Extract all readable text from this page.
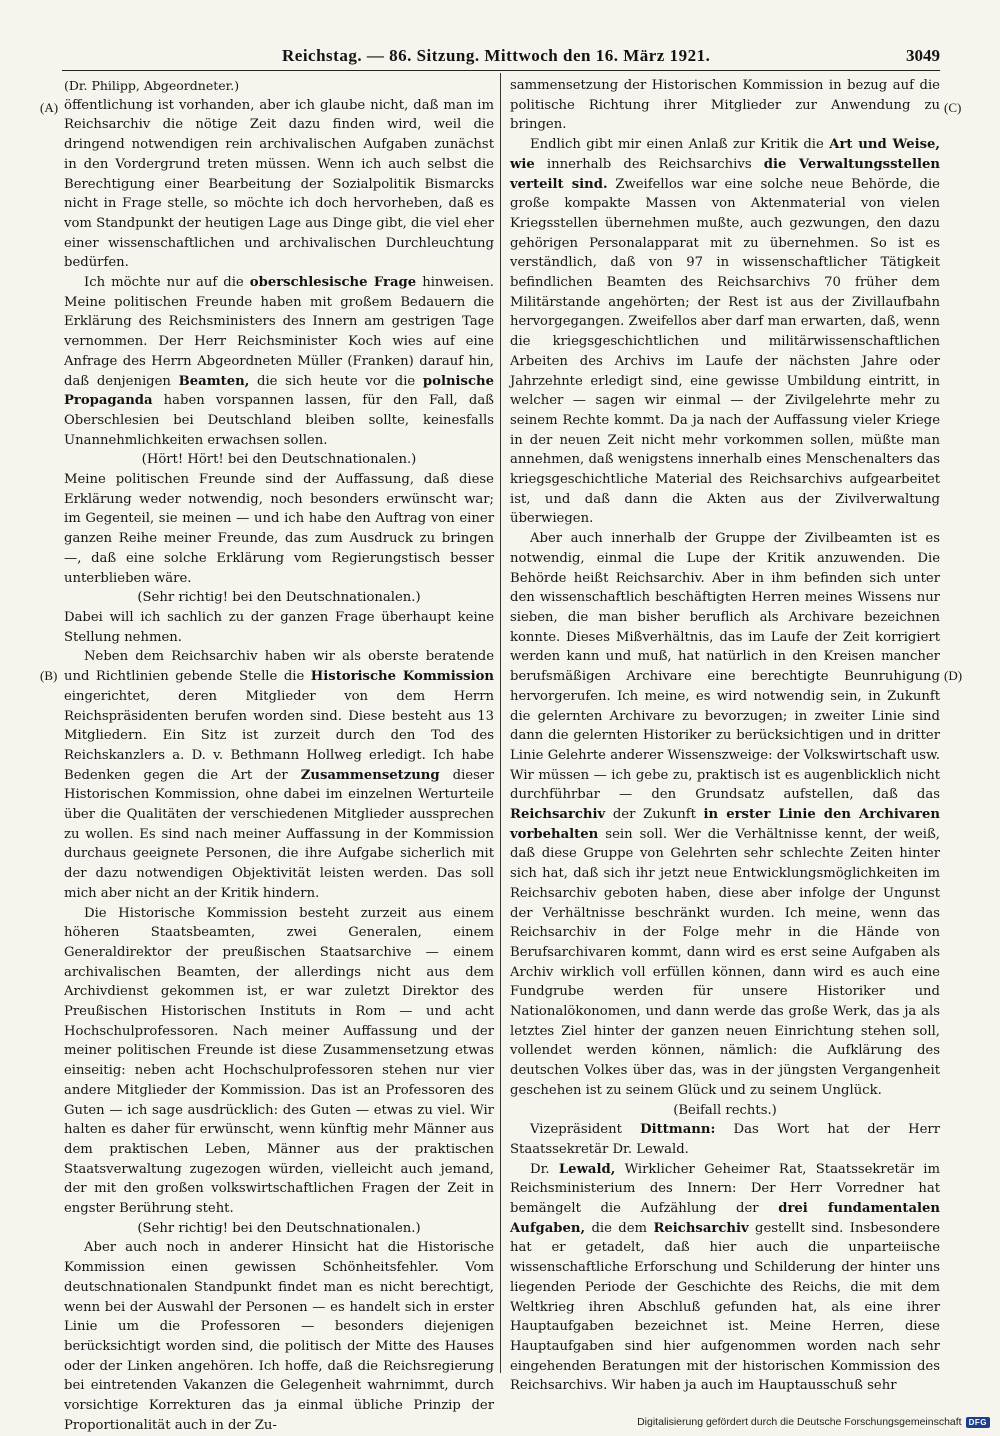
Reichstag. — 86. Sitzung. Mittwoch den 16. März 1921.	3049
(A)
(B)
(C)
(D)

(Dr. Philipp, Abgeordneter.)

öffentlichung ist vorhanden, aber ich glaube nicht, daß man im Reichsarchiv die nötige Zeit dazu finden wird, weil die dringend notwendigen rein archivalischen Aufgaben zunächst in den Vordergrund treten müssen. Wenn ich auch selbst die Berechtigung einer Bearbeitung der Sozialpolitik Bismarcks nicht in Frage stelle, so möchte ich doch hervorheben, daß es vom Standpunkt der heutigen Lage aus Dinge gibt, die viel eher einer wissenschaftlichen und archivalischen Durchleuchtung bedürfen.

Ich möchte nur auf die oberschlesische Frage hinweisen. Meine politischen Freunde haben mit großem Bedauern die Erklärung des Reichsministers des Innern am gestrigen Tage vernommen. Der Herr Reichsminister Koch wies auf eine Anfrage des Herrn Abgeordneten Müller (Franken) darauf hin, daß denjenigen Beamten, die sich heute vor die polnische Propaganda haben vorspannen lassen, für den Fall, daß Oberschlesien bei Deutschland bleiben sollte, keinesfalls Unannehmlichkeiten erwachsen sollen.

(Hört! Hört! bei den Deutschnationalen.)

Meine politischen Freunde sind der Auffassung, daß diese Erklärung weder notwendig, noch besonders erwünscht war; im Gegenteil, sie meinen — und ich habe den Auftrag von einer ganzen Reihe meiner Freunde, das zum Ausdruck zu bringen —, daß eine solche Erklärung vom Regierungstisch besser unterblieben wäre.

(Sehr richtig! bei den Deutschnationalen.)

Dabei will ich sachlich zu der ganzen Frage überhaupt keine Stellung nehmen.

Neben dem Reichsarchiv haben wir als oberste beratende und Richtlinien gebende Stelle die Historische Kommission eingerichtet, deren Mitglieder von dem Herrn Reichspräsidenten berufen worden sind. Diese besteht aus 13 Mitgliedern. Ein Sitz ist zurzeit durch den Tod des Reichskanzlers a. D. v. Bethmann Hollweg erledigt. Ich habe Bedenken gegen die Art der Zusammensetzung dieser Historischen Kommission, ohne dabei im einzelnen Werturteile über die Qualitäten der verschiedenen Mitglieder aussprechen zu wollen. Es sind nach meiner Auffassung in der Kommission durchaus geeignete Personen, die ihre Aufgabe sicherlich mit der dazu notwendigen Objektivität leisten werden. Das soll mich aber nicht an der Kritik hindern.

Die Historische Kommission besteht zurzeit aus einem höheren Staatsbeamten, zwei Generalen, einem Generaldirektor der preußischen Staatsarchive — einem archivalischen Beamten, der allerdings nicht aus dem Archivdienst gekommen ist, er war zuletzt Direktor des Preußischen Historischen Instituts in Rom — und acht Hochschulprofessoren. Nach meiner Auffassung und der meiner politischen Freunde ist diese Zusammensetzung etwas einseitig: neben acht Hochschulprofessoren stehen nur vier andere Mitglieder der Kommission. Das ist an Professoren des Guten — ich sage ausdrücklich: des Guten — etwas zu viel. Wir halten es daher für erwünscht, wenn künftig mehr Männer aus dem praktischen Leben, Männer aus der praktischen Staatsverwaltung zugezogen würden, vielleicht auch jemand, der mit den großen volkswirtschaftlichen Fragen der Zeit in engster Berührung steht.

(Sehr richtig! bei den Deutschnationalen.)

Aber auch noch in anderer Hinsicht hat die Historische Kommission einen gewissen Schönheitsfehler. Vom deutschnationalen Standpunkt findet man es nicht berechtigt, wenn bei der Auswahl der Personen — es handelt sich in erster Linie um die Professoren — besonders diejenigen berücksichtigt worden sind, die politisch der Mitte des Hauses oder der Linken angehören. Ich hoffe, daß die Reichsregierung bei eintretenden Vakanzen die Gelegenheit wahrnimmt, durch vorsichtige Korrekturen das ja einmal übliche Prinzip der Proportionalität auch in der Zu-

sammensetzung der Historischen Kommission in bezug auf die politische Richtung ihrer Mitglieder zur Anwendung zu bringen.

Endlich gibt mir einen Anlaß zur Kritik die Art und Weise, wie innerhalb des Reichsarchivs die Verwaltungsstellen verteilt sind. Zweifellos war eine solche neue Behörde, die große kompakte Massen von Aktenmaterial von vielen Kriegsstellen übernehmen mußte, auch gezwungen, den dazu gehörigen Personalapparat mit zu übernehmen. So ist es verständlich, daß von 97 in wissenschaftlicher Tätigkeit befindlichen Beamten des Reichsarchivs 70 früher dem Militärstande angehörten; der Rest ist aus der Zivillaufbahn hervorgegangen. Zweifellos aber darf man erwarten, daß, wenn die kriegsgeschichtlichen und militärwissenschaftlichen Arbeiten des Archivs im Laufe der nächsten Jahre oder Jahrzehnte erledigt sind, eine gewisse Umbildung eintritt, in welcher — sagen wir einmal — der Zivilgelehrte mehr zu seinem Rechte kommt. Da ja nach der Auffassung vieler Kriege in der neuen Zeit nicht mehr vorkommen sollen, müßte man annehmen, daß wenigstens innerhalb eines Menschenalters das kriegsgeschichtliche Material des Reichsarchivs aufgearbeitet ist, und daß dann die Akten aus der Zivilverwaltung überwiegen.

Aber auch innerhalb der Gruppe der Zivilbeamten ist es notwendig, einmal die Lupe der Kritik anzuwenden. Die Behörde heißt Reichsarchiv. Aber in ihm befinden sich unter den wissenschaftlich beschäftigten Herren meines Wissens nur sieben, die man bisher beruflich als Archivare bezeichnen konnte. Dieses Mißverhältnis, das im Laufe der Zeit korrigiert werden kann und muß, hat natürlich in den Kreisen mancher berufsmäßigen Archivare eine berechtigte Beunruhigung hervorgerufen. Ich meine, es wird notwendig sein, in Zukunft die gelernten Archivare zu bevorzugen; in zweiter Linie sind dann die gelernten Historiker zu berücksichtigen und in dritter Linie Gelehrte anderer Wissenszweige: der Volkswirtschaft usw. Wir müssen — ich gebe zu, praktisch ist es augenblicklich nicht durchführbar — den Grundsatz aufstellen, daß das Reichsarchiv der Zukunft in erster Linie den Archivaren vorbehalten sein soll. Wer die Verhältnisse kennt, der weiß, daß diese Gruppe von Gelehrten sehr schlechte Zeiten hinter sich hat, daß sich ihr jetzt neue Entwicklungsmöglichkeiten im Reichsarchiv geboten haben, diese aber infolge der Ungunst der Verhältnisse beschränkt wurden. Ich meine, wenn das Reichsarchiv in der Folge mehr in die Hände von Berufsarchivaren kommt, dann wird es erst seine Aufgaben als Archiv wirklich voll erfüllen können, dann wird es auch eine Fundgrube werden für unsere Historiker und Nationalökonomen, und dann werde das große Werk, das ja als letztes Ziel hinter der ganzen neuen Einrichtung stehen soll, vollendet werden können, nämlich: die Aufklärung des deutschen Volkes über das, was in der jüngsten Vergangenheit geschehen ist zu seinem Glück und zu seinem Unglück.

(Beifall rechts.)

Vizepräsident Dittmann: Das Wort hat der Herr Staatssekretär Dr. Lewald.

Dr. Lewald, Wirklicher Geheimer Rat, Staatssekretär im Reichsministerium des Innern: Der Herr Vorredner hat bemängelt die Aufzählung der drei fundamentalen Aufgaben, die dem Reichsarchiv gestellt sind. Insbesondere hat er getadelt, daß hier auch die unparteiische wissenschaftliche Erforschung und Schilderung der hinter uns liegenden Periode der Geschichte des Reichs, die mit dem Weltkrieg ihren Abschluß gefunden hat, als eine ihrer Hauptaufgaben bezeichnet ist. Meine Herren, diese Hauptaufgaben sind hier aufgenommen worden nach sehr eingehenden Beratungen mit der historischen Kommission des Reichsarchivs. Wir haben ja auch im Hauptausschuß sehr

Digitalisierung gefördert durch die Deutsche Forschungsgemeinschaft DFG
